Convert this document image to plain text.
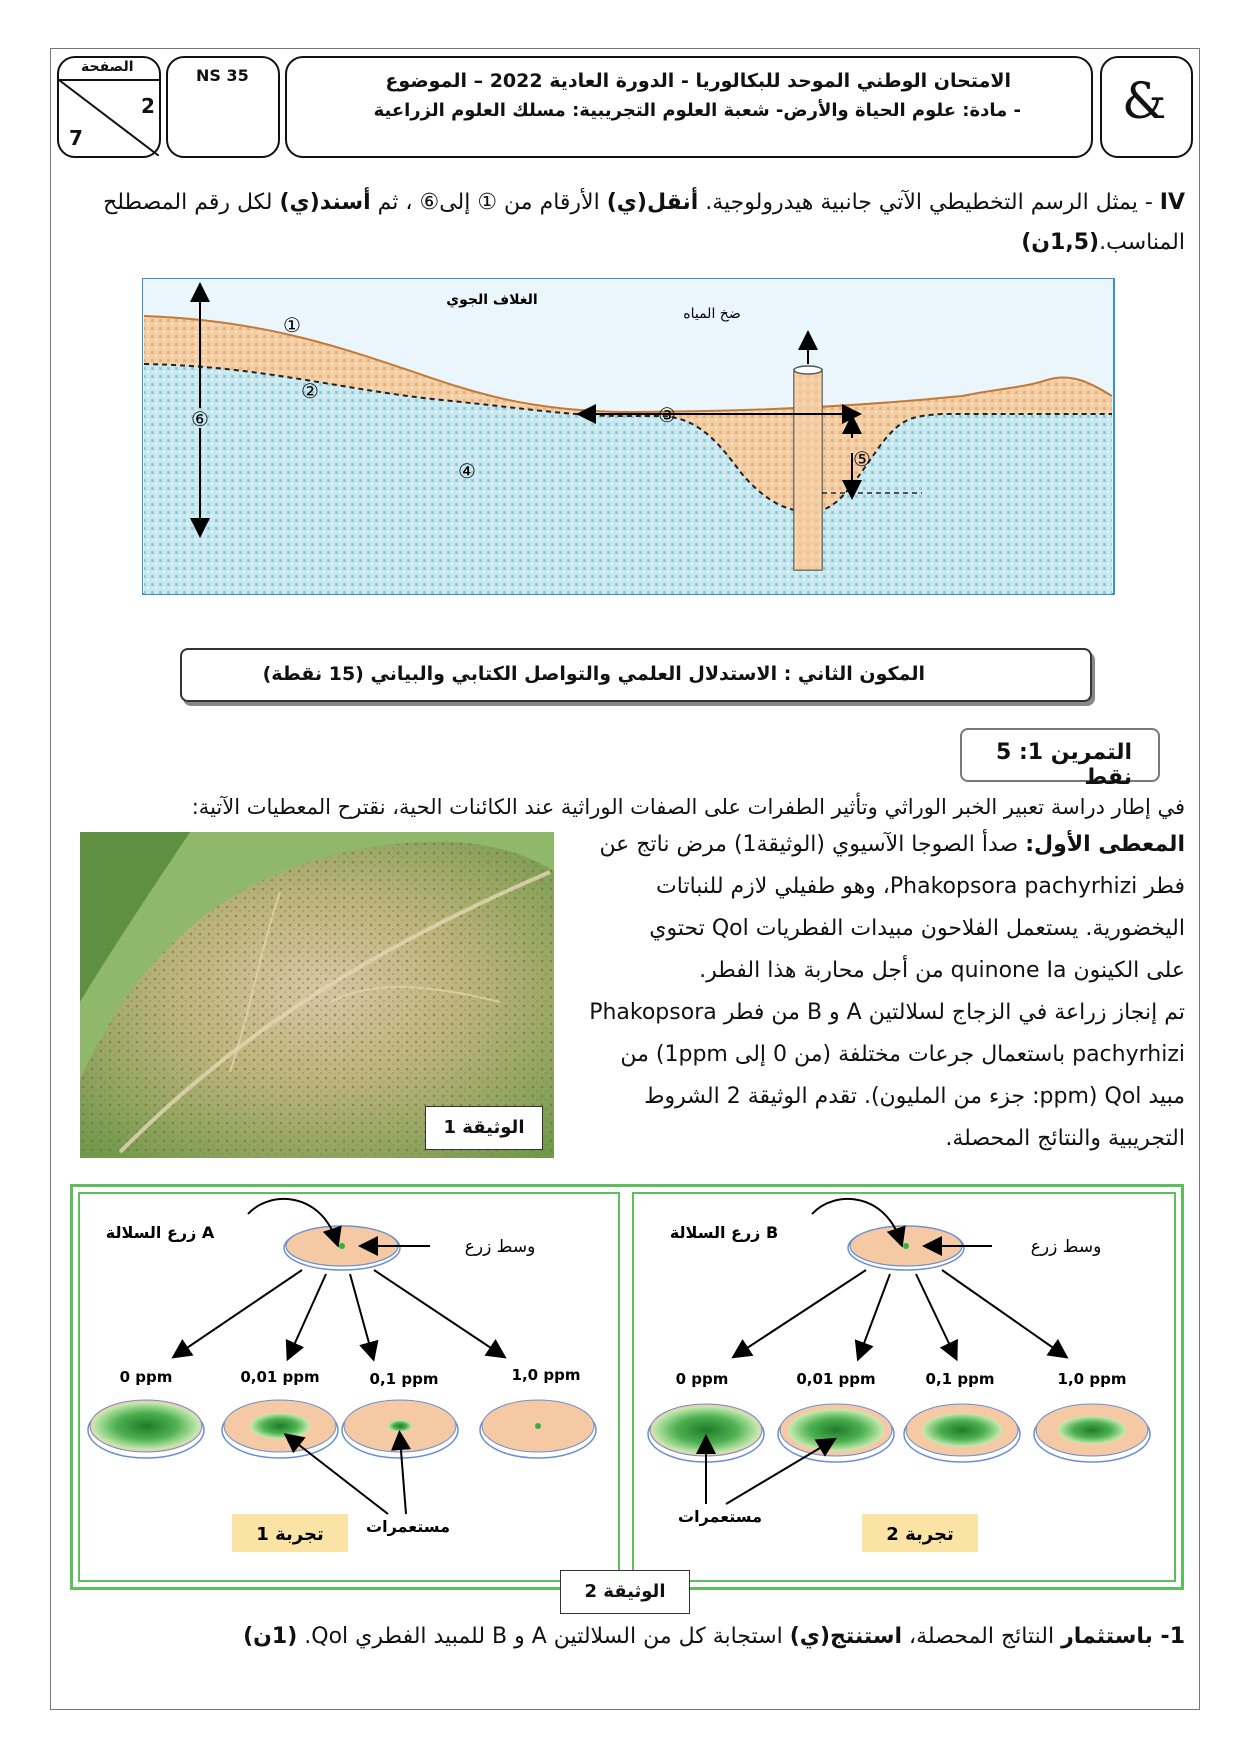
الصفحة
2
7
NS 35	الامتحان الوطني الموحد للبكالوريا - الدورة العادية 2022 – الموضوع
- مادة: علوم الحياة والأرض- شعبة العلوم التجريبية: مسلك العلوم الزراعية &
IV - يمثل الرسم التخطيطي الآتي جانبية هيدرولوجية. أنقل(ي) الأرقام من ① إلى⑥ ، ثم أسند(ي) لكل رقم المصطلح
المناسب.(1,5ن)
الغلاف الجوي
ضخ المياه
①
②
③
④	⑤
⑥
المكون الثاني : الاستدلال العلمي والتواصل الكتابي والبياني (15 نقطة)
التمرين 1: 5 نقط
في إطار دراسة تعبير الخبر الوراثي وتأثير الطفرات على الصفات الوراثية عند الكائنات الحية، نقترح المعطيات الآتية:
الوثيقة 1
المعطى الأول: صدأ الصوجا الآسيوي (الوثيقة1) مرض ناتج عن
فطر Phakopsora pachyrhizi، وهو طفيلي لازم للنباتات
اليخضورية. يستعمل الفلاحون مبيدات الفطريات Qol تحتوي
على الكينون quinone Ia من أجل محاربة هذا الفطر.
تم إنجاز زراعة في الزجاج لسلالتين A و B من فطر Phakopsora
pachyrhizi باستعمال جرعات مختلفة (من 0 إلى 1ppm) من
مبيد Qol (ppm: جزء من المليون). تقدم الوثيقة 2 الشروط
التجريبية والنتائج المحصلة.
زرع السلالة A
وسط زرع
0 ppm	0,01 ppm	0,1 ppm	1,0 ppm
مستعمرات
تجربة 1
زرع السلالة B
وسط زرع
0 ppm	0,01 ppm	0,1 ppm	1,0 ppm
مستعمرات
تجربة 2
الوثيقة 2
1- باستثمار النتائج المحصلة، استنتج(ي) استجابة كل من السلالتين A و B للمبيد الفطري Qol. (1ن)
